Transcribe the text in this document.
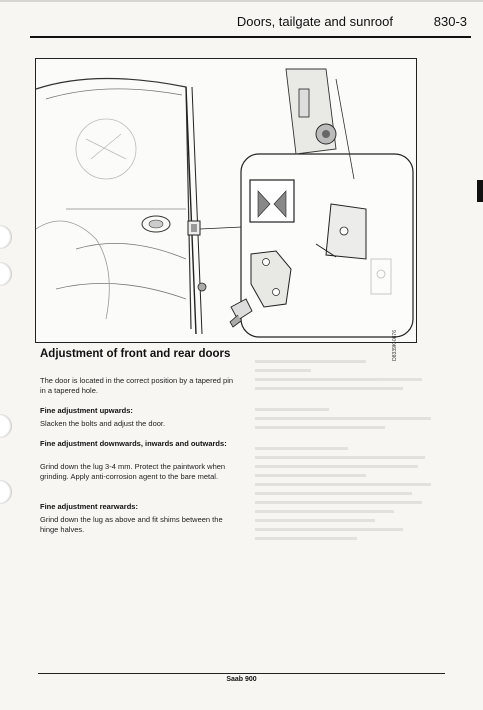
Doors, tailgate and sunroof	830-3
D8339K-0876
Adjustment of front and rear doors
The door is located in the correct position by a tapered pin in a tapered hole.
Fine adjustment upwards:
Slacken the bolts and adjust the door.
Fine adjustment downwards, inwards and outwards:
Grind down the lug 3-4 mm. Protect the paintwork when grinding. Apply anti-corrosion agent to the bare metal.
Fine adjustment rearwards:
Grind down the lug as above and fit shims between the hinge halves.
Saab 900
